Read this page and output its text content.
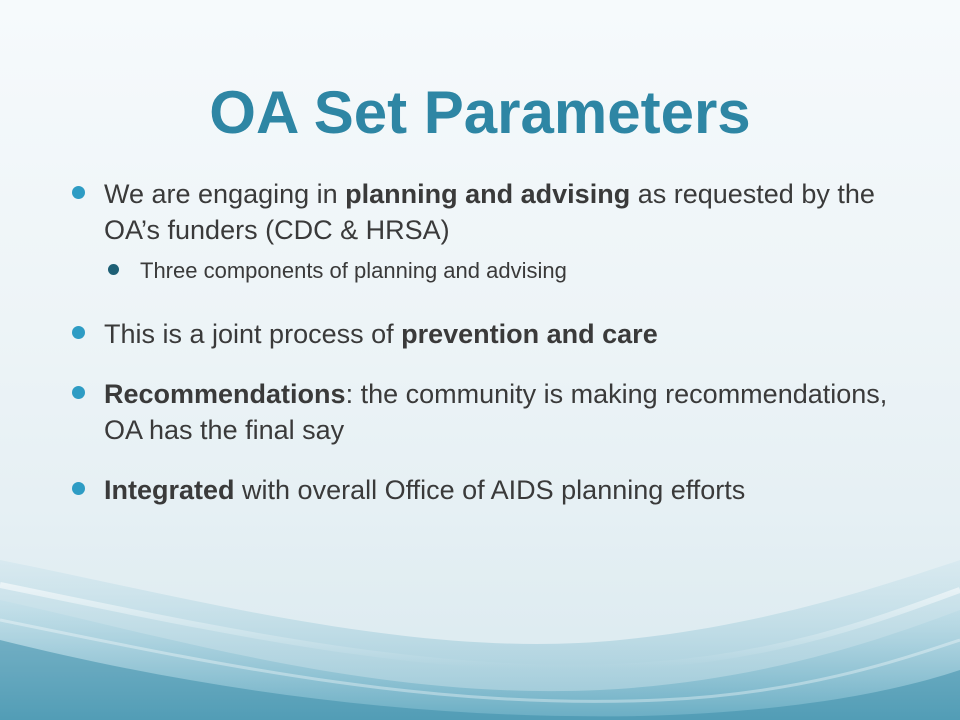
OA Set Parameters
We are engaging in planning and advising as requested by the OA’s funders (CDC & HRSA)
Three components of planning and advising
This is a joint process of prevention and care
Recommendations: the community is making recommendations, OA has the final say
Integrated with overall Office of AIDS planning efforts
